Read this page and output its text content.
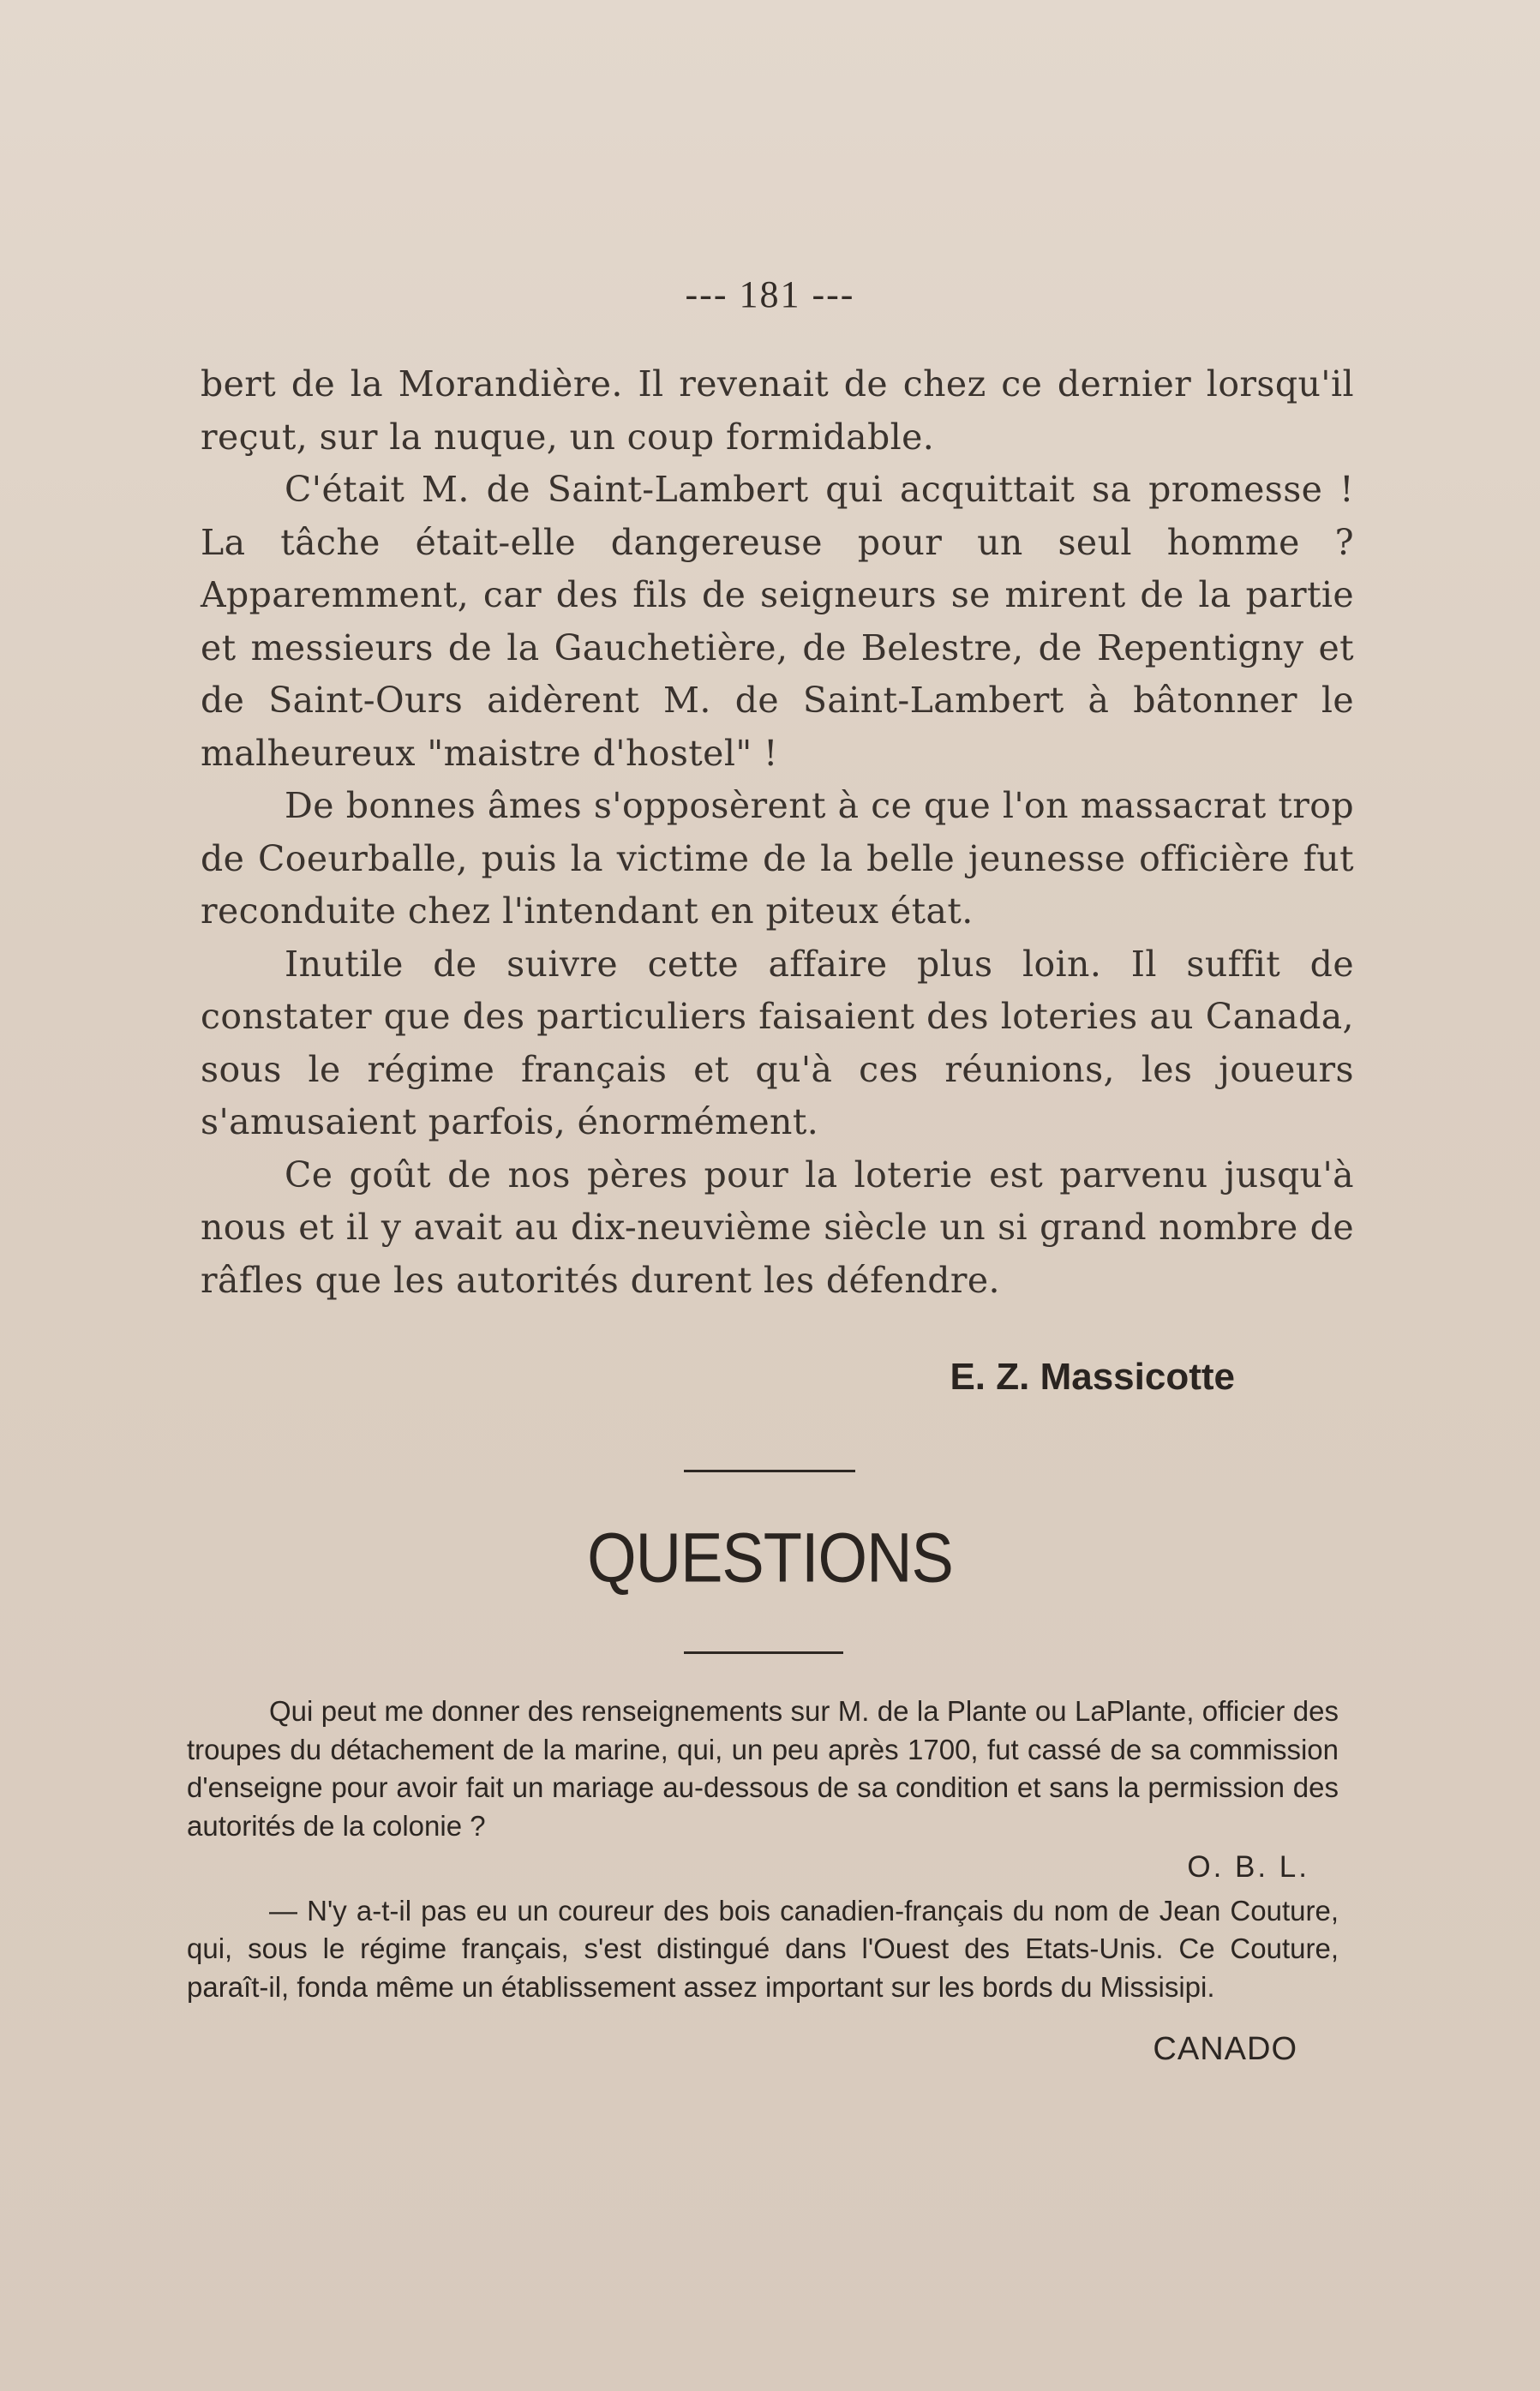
--- 181 ---

bert de la Morandière. Il revenait de chez ce dernier lorsqu'il reçut, sur la nuque, un coup formidable.

C'était M. de Saint-Lambert qui acquittait sa promesse ! La tâche était-elle dangereuse pour un seul homme ? Apparemment, car des fils de seigneurs se mirent de la partie et messieurs de la Gauchetière, de Belestre, de Repentigny et de Saint-Ours aidèrent M. de Saint-Lambert à bâtonner le malheureux "maistre d'hostel" !

De bonnes âmes s'opposèrent à ce que l'on massacrat trop de Coeurballe, puis la victime de la belle jeunesse officière fut reconduite chez l'intendant en piteux état.

Inutile de suivre cette affaire plus loin. Il suffit de constater que des particuliers faisaient des loteries au Canada, sous le régime français et qu'à ces réunions, les joueurs s'amusaient parfois, énormément.

Ce goût de nos pères pour la loterie est parvenu jusqu'à nous et il y avait au dix-neuvième siècle un si grand nombre de râfles que les autorités durent les défendre.

E. Z. Massicotte
QUESTIONS

Qui peut me donner des renseignements sur M. de la Plante ou LaPlante, officier des troupes du détachement de la marine, qui, un peu après 1700, fut cassé de sa commission d'enseigne pour avoir fait un mariage au-dessous de sa condition et sans la permission des autorités de la colonie ?

O. B. L.

— N'y a-t-il pas eu un coureur des bois canadien-français du nom de Jean Couture, qui, sous le régime français, s'est distingué dans l'Ouest des Etats-Unis. Ce Couture, paraît-il, fonda même un établissement assez important sur les bords du Missisipi.

CANADO
